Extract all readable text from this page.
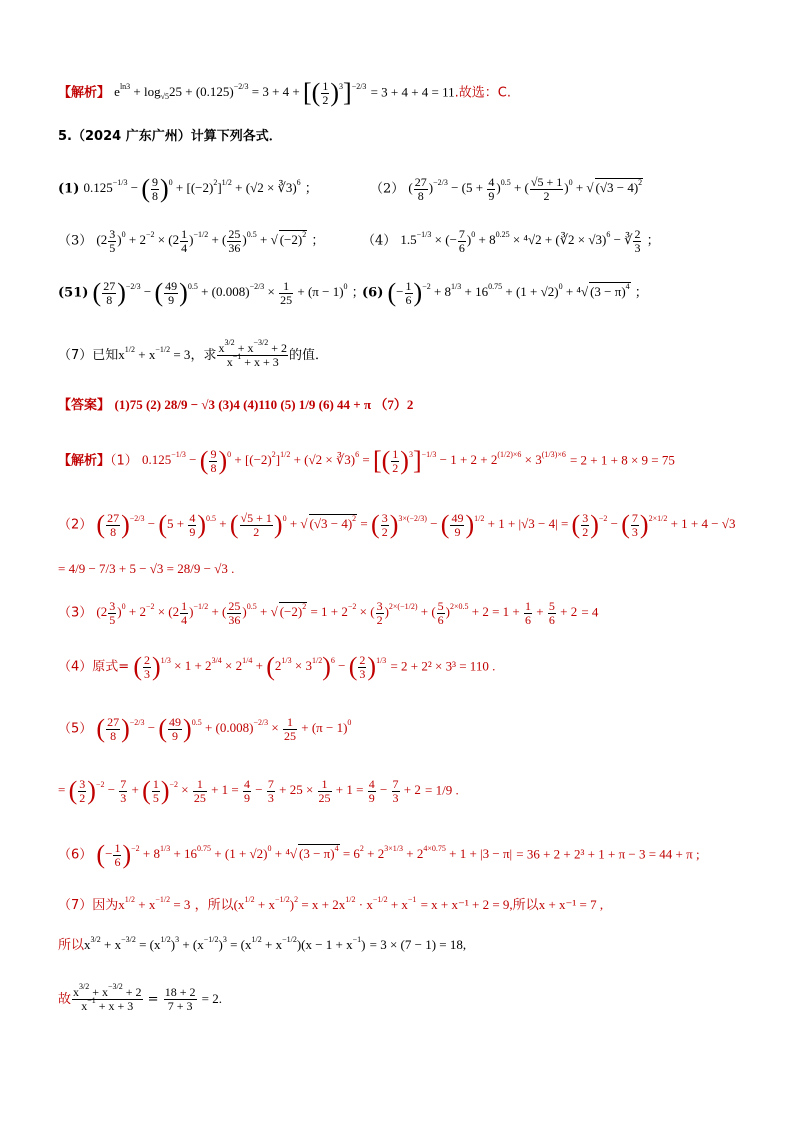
【解析】 $e^{ln3} + \log_{√5}25 + (0.125)^{-2/3} = 3 + 4$ + [( $\frac{1}{2} )^3]^{-2/3} = 3 + 4 + 4 = 11$.故选：C.
5.（2024 广东广州）计算下列各式．
(1) $0.125^{-1/3}$ − ( $\frac{9}{8} )^0 + [(-2)^2]^{1/2} + (√2$ × ∛3)$^6$ ；	（2） ( $\frac{27}{8} )^{-2/3} - (5 + \frac{4}{9} )^{0.5}$ + ( $\frac{√5 + 1}{2} )^0$ + √ $(√3 - 4)^2$
（3） $(2 \frac{3}{5} )^0 + 2^{-2} \times (2 \frac{1}{4} )^{-1/2}$ + ( $\frac{25}{36} )^{0.5}$ + √ $(-2)^2$ ；	（4） $1.5^{-1/3}$ × (− $\frac{7}{6} )^0 + 8^{0.25} \times ^4√2$ + (∛2 × √3)$^6$ − ∛ $\frac{2}{3}$ ；
(51) ( $\frac{27}{8} )^{-2/3}$ − ( $\frac{49}{9} )^{0.5} + (0.008)^{-2/3} \times \frac{1}{25} + (\pi - 1)^0$ ；
(6) (− $\frac{1}{6} )^{-2} + 8^{1/3} + 16^{0.75} + (1 + √2)^0 + ^4√$ $(3 - \pi)^4$ ；
（7）已知$x^{1/2} + x^{-1/2} = 3$，求 $\frac{x^{3/2} + x^{-3/2} + 2}{x^{-1} + x + 3}$ 的值．
【答案】 (1)75 (2) 28/9 − √3 (3)4 (4)110 (5) 1/9 (6) 44 + π （7）2
【解析】（1） $0.125^{-1/3}$ − ( $\frac{9}{8} )^0 + [(-2)^2]^{1/2} + (√2$ × ∛3)$^6$ = [( $\frac{1}{2} )^3]^{-1/3} - 1 + 2 + 2^{(1/2)\times 6} \times 3^{(1/3)\times 6} = 2 + 1 + 8 \times 9 = 75$
（2） ( $\frac{27}{8} )^{-2/3} - (5 + \frac{4}{9} )^{0.5}$ + ( $\frac{√5 + 1}{2} )^0$ + √ $(√3 - 4)^2$ = ( $\frac{3}{2} )^{3\times(-2/3)}$ − ( $\frac{49}{9} )^{1/2} + 1 + |√3 - 4|$ = ( $\frac{3}{2} )^{-2}$ − ( $\frac{7}{3} )^{2\times 1/2} + 1 + 4 - √3$
= 4/9 − 7/3 + 5 − √3 = 28/9 − √3 .
（3） $(2 \frac{3}{5} )^0 + 2^{-2} \times (2 \frac{1}{4} )^{-1/2}$ + ( $\frac{25}{36} )^{0.5}$ + √ $(-2)^2 = 1 + 2^{-2}$ × ( $\frac{3}{2} )^{2\times(-1/2)}$ + ( $\frac{5}{6} )^{2\times 0.5} + 2 = 1 + \frac{1}{6} + \frac{5}{6} + 2 = 4$
（4）原式= ( $\frac{2}{3} )^{1/3} \times 1 + 2^{3/4} \times 2^{1/4} + (2^{1/3} \times 3^{1/2})^6$ − ( $\frac{2}{3} )^{1/3} = 2 + 2^2 \times 3^3 = 110$ .
（5） ( $\frac{27}{8} )^{-2/3}$ − ( $\frac{49}{9} )^{0.5} + (0.008)^{-2/3} \times \frac{1}{25} + (\pi - 1)^0$
= ( $\frac{3}{2} )^{-2} - \frac{7}{3}$ + ( $\frac{1}{5} )^{-2} \times \frac{1}{25} + 1 = \frac{4}{9} - \frac{7}{3} + 25 \times \frac{1}{25} + 1 = \frac{4}{9} - \frac{7}{3} + 2 = 1/9$ .
（6） (− $\frac{1}{6} )^{-2} + 8^{1/3} + 16^{0.75} + (1 + √2)^0 + ^4√$ $(3 - \pi)^4 = 6^2 + 2^{3\times 1/3} + 2^{4\times 0.75} + 1 + |3 - \pi| = 36 + 2 + 2^3 + 1 + \pi - 3 = 44 + \pi$ ;
（7）因为$x^{1/2} + x^{-1/2} = 3$ ，所以$(x^{1/2} + x^{-1/2})^2 = x + 2x^{1/2} \cdot x^{-1/2} + x^{-1} = x + x^{-1} + 2 = 9$,所以x + x⁻¹ = 7 ,
所以$x^{3/2} + x^{-3/2} = (x^{1/2})^3 + (x^{-1/2})^3 = (x^{1/2} + x^{-1/2})(x - 1 + x^{-1}) = 3 \times (7 - 1) = 18$,
故 $\frac{x^{3/2} + x^{-3/2} + 2}{x^{-1} + x + 3} = \frac{18 + 2}{7 + 3} = 2$.
